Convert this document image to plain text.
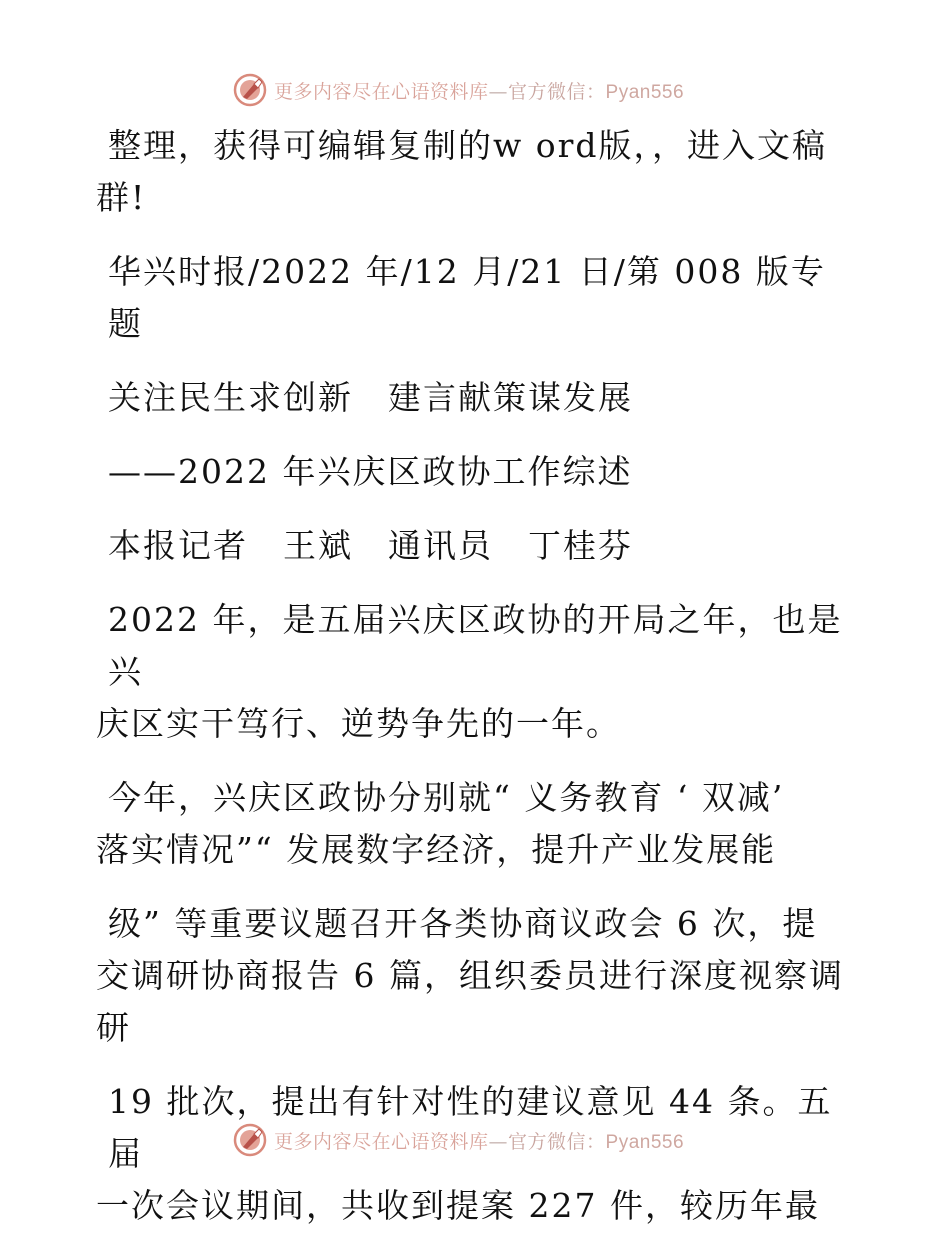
更多内容尽在心语资料库—官方微信：Pyan556

整理，获得可编辑复制的w ord版，，进入文稿
群!

华兴时报/2022 年/12 月/21 日/第 008 版专题

关注民生求创新　建言献策谋发展

——2022 年兴庆区政协工作综述

本报记者　王斌　通讯员　丁桂芬

2022 年，是五届兴庆区政协的开局之年，也是兴
庆区实干笃行、逆势争先的一年。

今年，兴庆区政协分别就“ 义务教育 ‘ 双减’
落实情况”“ 发展数字经济，提升产业发展能

级” 等重要议题召开各类协商议政会 6 次，提
交调研协商报告 6 篇，组织委员进行深度视察调
研

19 批次，提出有针对性的建议意见 44 条。五届
一次会议期间，共收到提案 227 件，较历年最

更多内容尽在心语资料库—官方微信：Pyan556
